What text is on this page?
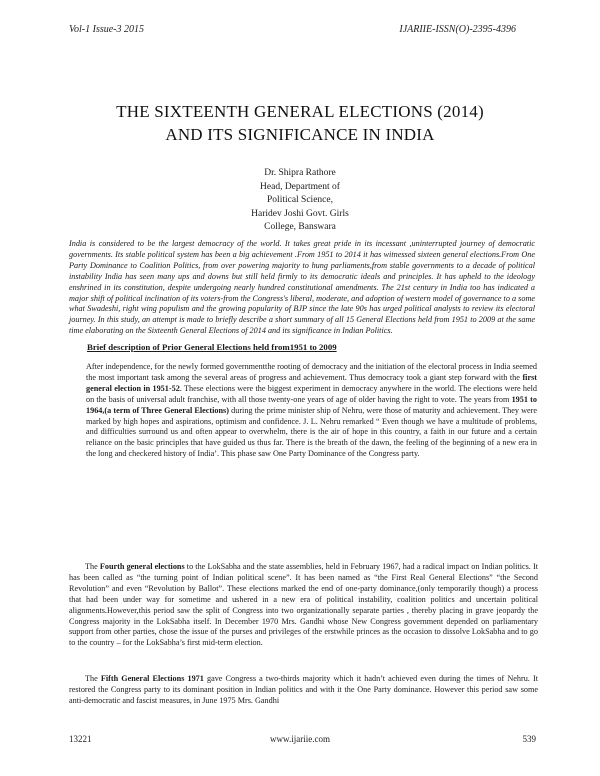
Vol-1 Issue-3 2015	IJARIIE-ISSN(O)-2395-4396
THE SIXTEENTH GENERAL ELECTIONS (2014)
AND ITS SIGNIFICANCE IN INDIA
Dr. Shipra Rathore
Head, Department of
Political Science,
Haridev Joshi Govt. Girls
College, Banswara
India is considered to be the largest democracy of the world. It takes great pride in its incessant ,uninterrupted journey of democratic governments. Its stable political system has been a big achievement .From 1951 to 2014 it has witnessed sixteen general elections.From One Party Dominance to Coalition Politics, from over powering majority to hung parliaments,from stable governments to a decade of political instability India has seen many ups and downs but still held firmly to its democratic ideals and principles. It has upheld to the ideology enshrined in its constitution, despite undergoing nearly hundred constitutional amendments. The 21st century in India too has indicated a major shift of political inclination of its voters-from the Congress's liberal, moderate, and adoption of western model of governance to a some what Swadeshi, right wing populism and the growing popularity of BJP since the late 90s has urged political analysts to review its electoral journey. In this study, an attempt is made to briefly describe a short summary of all 15 General Elections held from 1951 to 2009 at the same time elaborating on the Sixteenth General Elections of 2014 and its significance in Indian Politics.
Brief description of Prior General Elections held from1951 to 2009
After independence, for the newly formed governmentthe rooting of democracy and the initiation of the electoral process in India seemed the most important task among the several areas of progress and achievement. Thus democracy took a giant step forward with the first general election in 1951-52. These elections were the biggest experiment in democracy anywhere in the world. The elections were held on the basis of universal adult franchise, with all those twenty-one years of age of older having the right to vote. The years from 1951 to 1964,(a term of Three General Elections) during the prime minister ship of Nehru, were those of maturity and achievement. They were marked by high hopes and aspirations, optimism and confidence. J. L. Nehru remarked “ Even though we have a multitude of problems, and difficulties surround us and often appear to overwhelm, there is the air of hope in this country, a faith in our future and a certain reliance on the basic principles that have guided us thus far. There is the breath of the dawn, the feeling of the beginning of a new era in the long and checkered history of India’. This phase saw One Party Dominance of the Congress party.
The Fourth general elections to the LokSabha and the state assemblies, held in February 1967, had a radical impact on Indian politics. It has been called as “the turning point of Indian political scene”. It has been named as “the First Real General Elections” “the Second Revolution” and even “Revolution by Ballot”. These elections marked the end of one-party dominance,(only temporarily though) a process that had been under way for sometime and ushered in a new era of political instability, coalition politics and uncertain political alignments.However,this period saw the split of Congress into two organizationally separate parties , thereby placing in grave jeopardy the Congress majority in the LokSabha itself. In December 1970 Mrs. Gandhi whose New Congress government depended on parliamentary support from other parties, chose the issue of the purses and privileges of the erstwhile princes as the occasion to dissolve LokSabha and to go to the country – for the LokSabha’s first mid-term election.
The Fifth General Elections 1971 gave Congress a two-thirds majority which it hadn’t achieved even during the times of Nehru. It restored the Congress party to its dominant position in Indian politics and with it the One Party dominance. However this period saw some anti-democratic and fascist measures, in June 1975 Mrs. Gandhi
13221	www.ijariie.com	539
